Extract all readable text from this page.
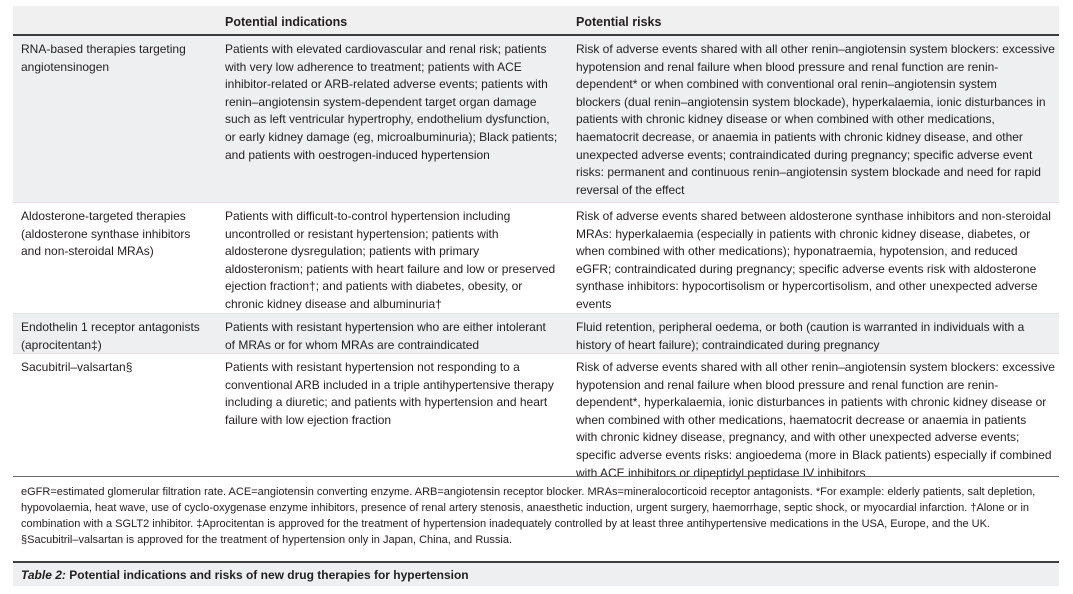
Potential indications	Potential risks
RNA-based therapies targeting
angiotensinogen
Patients with elevated cardiovascular and renal risk; patients
with very low adherence to treatment; patients with ACE
inhibitor-related or ARB-related adverse events; patients with
renin–angiotensin system-dependent target organ damage
such as left ventricular hypertrophy, endothelium dysfunction,
or early kidney damage (eg, microalbuminuria); Black patients;
and patients with oestrogen-induced hypertension
Risk of adverse events shared with all other renin–angiotensin system blockers: excessive
hypotension and renal failure when blood pressure and renal function are renin-
dependent* or when combined with conventional oral renin–angiotensin system
blockers (dual renin–angiotensin system blockade), hyperkalaemia, ionic disturbances in
patients with chronic kidney disease or when combined with other medications,
haematocrit decrease, or anaemia in patients with chronic kidney disease, and other
unexpected adverse events; contraindicated during pregnancy; specific adverse event
risks: permanent and continuous renin–angiotensin system blockade and need for rapid
reversal of the effect
Aldosterone-targeted therapies
(aldosterone synthase inhibitors
and non-steroidal MRAs)
Patients with difficult-to-control hypertension including
uncontrolled or resistant hypertension; patients with
aldosterone dysregulation; patients with primary
aldosteronism; patients with heart failure and low or preserved
ejection fraction†; and patients with diabetes, obesity, or
chronic kidney disease and albuminuria†
Risk of adverse events shared between aldosterone synthase inhibitors and non-steroidal
MRAs: hyperkalaemia (especially in patients with chronic kidney disease, diabetes, or
when combined with other medications); hyponatraemia, hypotension, and reduced
eGFR; contraindicated during pregnancy; specific adverse events risk with aldosterone
synthase inhibitors: hypocortisolism or hypercortisolism, and other unexpected adverse
events
Endothelin 1 receptor antagonists
(aprocitentan‡)
Patients with resistant hypertension who are either intolerant
of MRAs or for whom MRAs are contraindicated
Fluid retention, peripheral oedema, or both (caution is warranted in individuals with a
history of heart failure); contraindicated during pregnancy
Sacubitril–valsartan§	Patients with resistant hypertension not responding to a
conventional ARB included in a triple antihypertensive therapy
including a diuretic; and patients with hypertension and heart
failure with low ejection fraction
Risk of adverse events shared with all other renin–angiotensin system blockers: excessive
hypotension and renal failure when blood pressure and renal function are renin-
dependent*, hyperkalaemia, ionic disturbances in patients with chronic kidney disease or
when combined with other medications, haematocrit decrease or anaemia in patients
with chronic kidney disease, pregnancy, and with other unexpected adverse events;
specific adverse events risks: angioedema (more in Black patients) especially if combined
with ACE inhibitors or dipeptidyl peptidase IV inhibitors
eGFR=estimated glomerular filtration rate. ACE=angiotensin converting enzyme. ARB=angiotensin receptor blocker. MRAs=mineralocorticoid receptor antagonists. *For example: elderly patients, salt depletion,
hypovolaemia, heat wave, use of cyclo-oxygenase enzyme inhibitors, presence of renal artery stenosis, anaesthetic induction, urgent surgery, haemorrhage, septic shock, or myocardial infarction. †Alone or in
combination with a SGLT2 inhibitor. ‡Aprocitentan is approved for the treatment of hypertension inadequately controlled by at least three antihypertensive medications in the USA, Europe, and the UK.
§Sacubitril–valsartan is approved for the treatment of hypertension only in Japan, China, and Russia.
Table 2: Potential indications and risks of new drug therapies for hypertension
